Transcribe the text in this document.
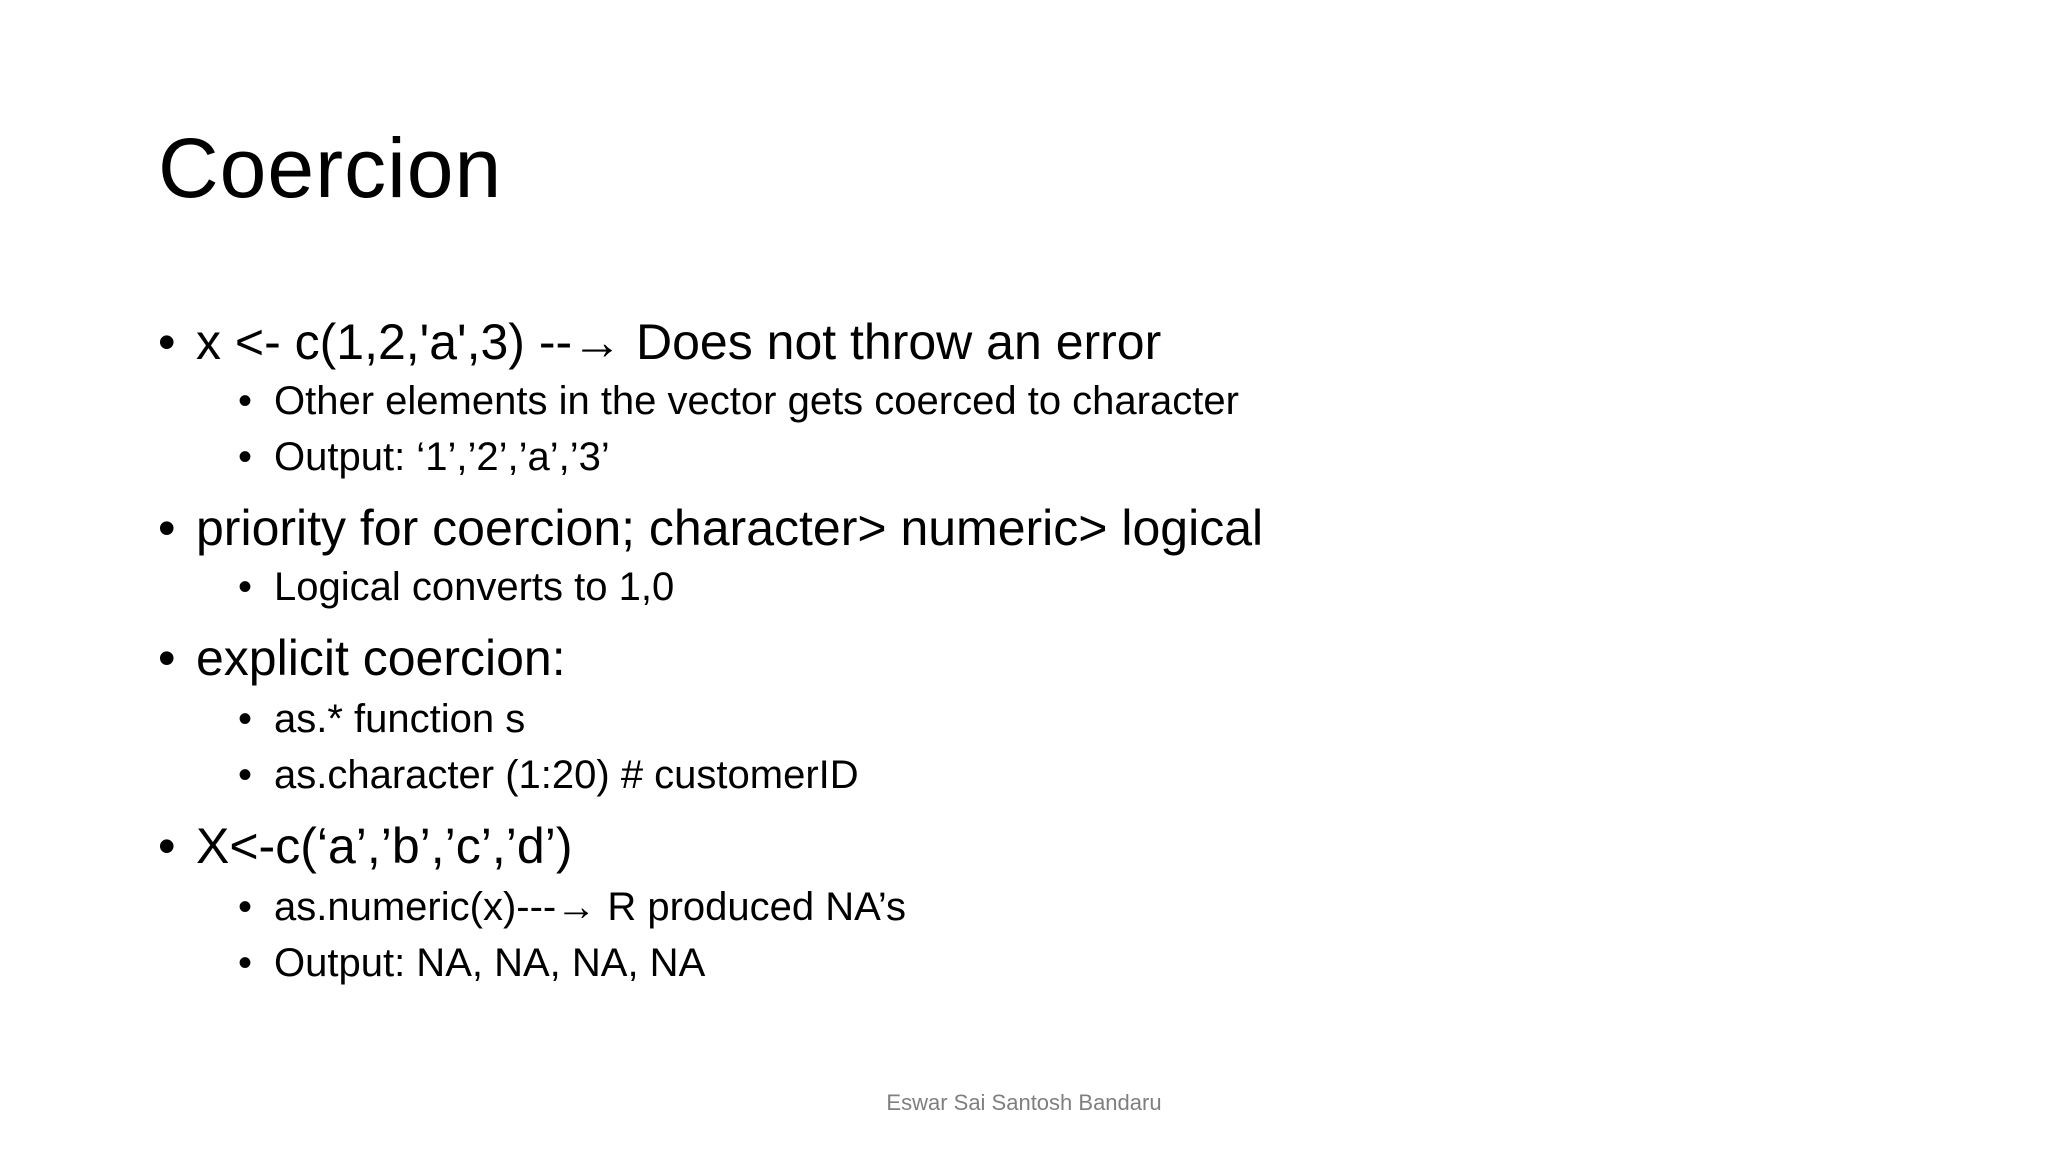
Coercion
• x <- c(1,2,'a',3) --→ Does not throw an error
• Other elements in the vector gets coerced to character
• Output: ‘1’,’2’,’a’,’3’
• priority for coercion; character> numeric> logical
• Logical converts to 1,0
• explicit coercion:
• as.* function s
• as.character (1:20) # customerID
• X<-c(‘a’,’b’,’c’,’d’)
• as.numeric(x)---→ R produced NA’s
• Output: NA, NA, NA, NA
Eswar Sai Santosh Bandaru
